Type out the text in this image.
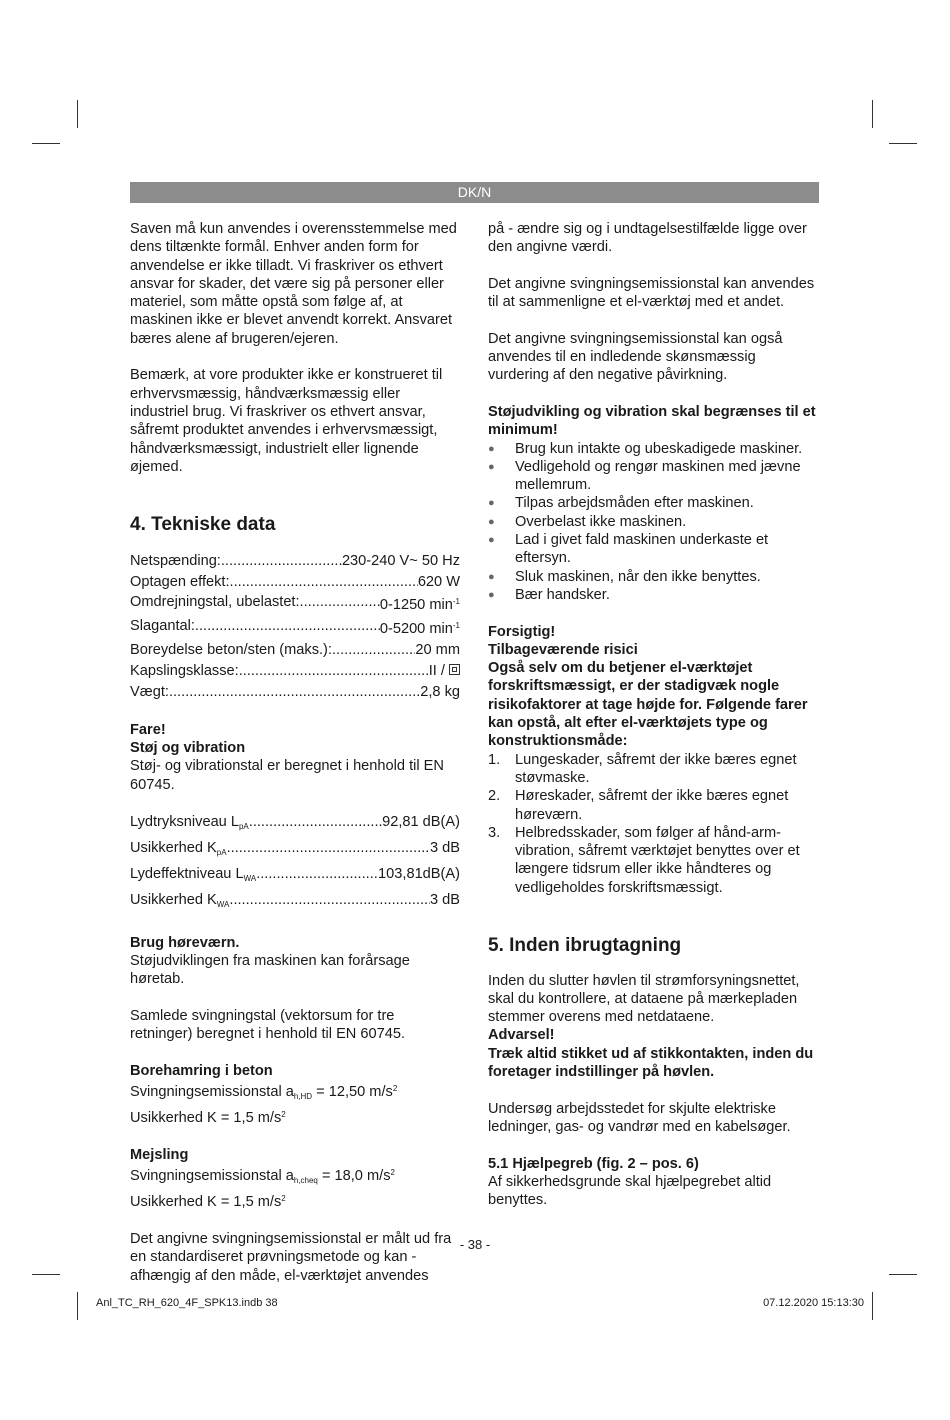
DK/N

Saven må kun anvendes i overensstemmelse med dens tiltænkte formål. Enhver anden form for anvendelse er ikke tilladt. Vi fraskriver os ethvert ansvar for skader, det være sig på personer eller materiel, som måtte opstå som følge af, at maskinen ikke er blevet anvendt korrekt. Ansvaret bæres alene af brugeren/ejeren.

Bemærk, at vore produkter ikke er konstrueret til erhvervsmæssig, håndværksmæssig eller industriel brug. Vi fraskriver os ethvert ansvar, såfremt produktet anvendes i erhvervsmæssigt, håndværksmæssigt, industrielt eller lignende øjemed.

4. Tekniske data
Netspænding: .....	230-240 V~ 50 Hz
Optagen effekt: .....	620 W
Omdrejningstal, ubelastet: .....	0-1250 $\min^{-1}$
Slagantal: .....	0-5200 $\min^{-1}$
Boreydelse beton/sten (maks.): .....	20 mm
Kapslingsklasse: .....	II /
Vægt: .....	2,8 kg

Fare!

Støj og vibration

Støj- og vibrationstal er beregnet i henhold til EN 60745.

Lydtryksniveau $L_{pA}$ .....	92,81 dB(A)
Usikkerhed $K_{pA}$ .....	3 dB
Lydeffektniveau $L_{WA}$ .....	103,81dB(A)
Usikkerhed $K_{WA}$ .....	3 dB

Brug høreværn.

Støjudviklingen fra maskinen kan forårsage høretab.

Samlede svingningstal (vektorsum for tre retninger) beregnet i henhold til EN 60745.

Borehamring i beton

Svingningsemissionstal $a_{h,HD} = 12,50$ $m/s^2$

Usikkerhed K = 1,5 $m/s^2$

Mejsling

Svingningsemissionstal $a_{h,cheq} = 18,0$ $m/s^2$

Usikkerhed K = 1,5 $m/s^2$

Det angivne svingningsemissionstal er målt ud fra en standardiseret prøvningsmetode og kan - afhængig af den måde, el-værktøjet anvendes

på - ændre sig og i undtagelsestilfælde ligge over den angivne værdi.

Det angivne svingningsemissionstal kan anvendes til at sammenligne et el-værktøj med et andet.

Det angivne svingningsemissionstal kan også anvendes til en indledende skønsmæssig vurdering af den negative påvirkning.

Støjudvikling og vibration skal begrænses til et minimum!

● Brug kun intakte og ubeskadigede maskiner.
● Vedligehold og rengør maskinen med jævne mellemrum.
● Tilpas arbejdsmåden efter maskinen.
● Overbelast ikke maskinen.
● Lad i givet fald maskinen underkaste et eftersyn.
● Sluk maskinen, når den ikke benyttes.
● Bær handsker.

Forsigtig!

Tilbageværende risici

Også selv om du betjener el-værktøjet forskriftsmæssigt, er der stadigvæk nogle risikofaktorer at tage højde for. Følgende farer kan opstå, alt efter el-værktøjets type og konstruktionsmåde:

1. Lungeskader, såfremt der ikke bæres egnet støvmaske.
2. Høreskader, såfremt der ikke bæres egnet høreværn.
3. Helbredsskader, som følger af hånd-arm-vibration, såfremt værktøjet benyttes over et længere tidsrum eller ikke håndteres og vedligeholdes forskriftsmæssigt.
5. Inden ibrugtagning

Inden du slutter høvlen til strømforsyningsnettet, skal du kontrollere, at dataene på mærkepladen stemmer overens med netdataene.

Advarsel!

Træk altid stikket ud af stikkontakten, inden du foretager indstillinger på høvlen.

Undersøg arbejdsstedet for skjulte elektriske ledninger, gas- og vandrør med en kabelsøger.

5.1 Hjælpegreb (fig. 2 – pos. 6)

Af sikkerhedsgrunde skal hjælpegrebet altid benyttes.

- 38 -
Anl_TC_RH_620_4F_SPK13.indb 38	07.12.2020 15:13:30
